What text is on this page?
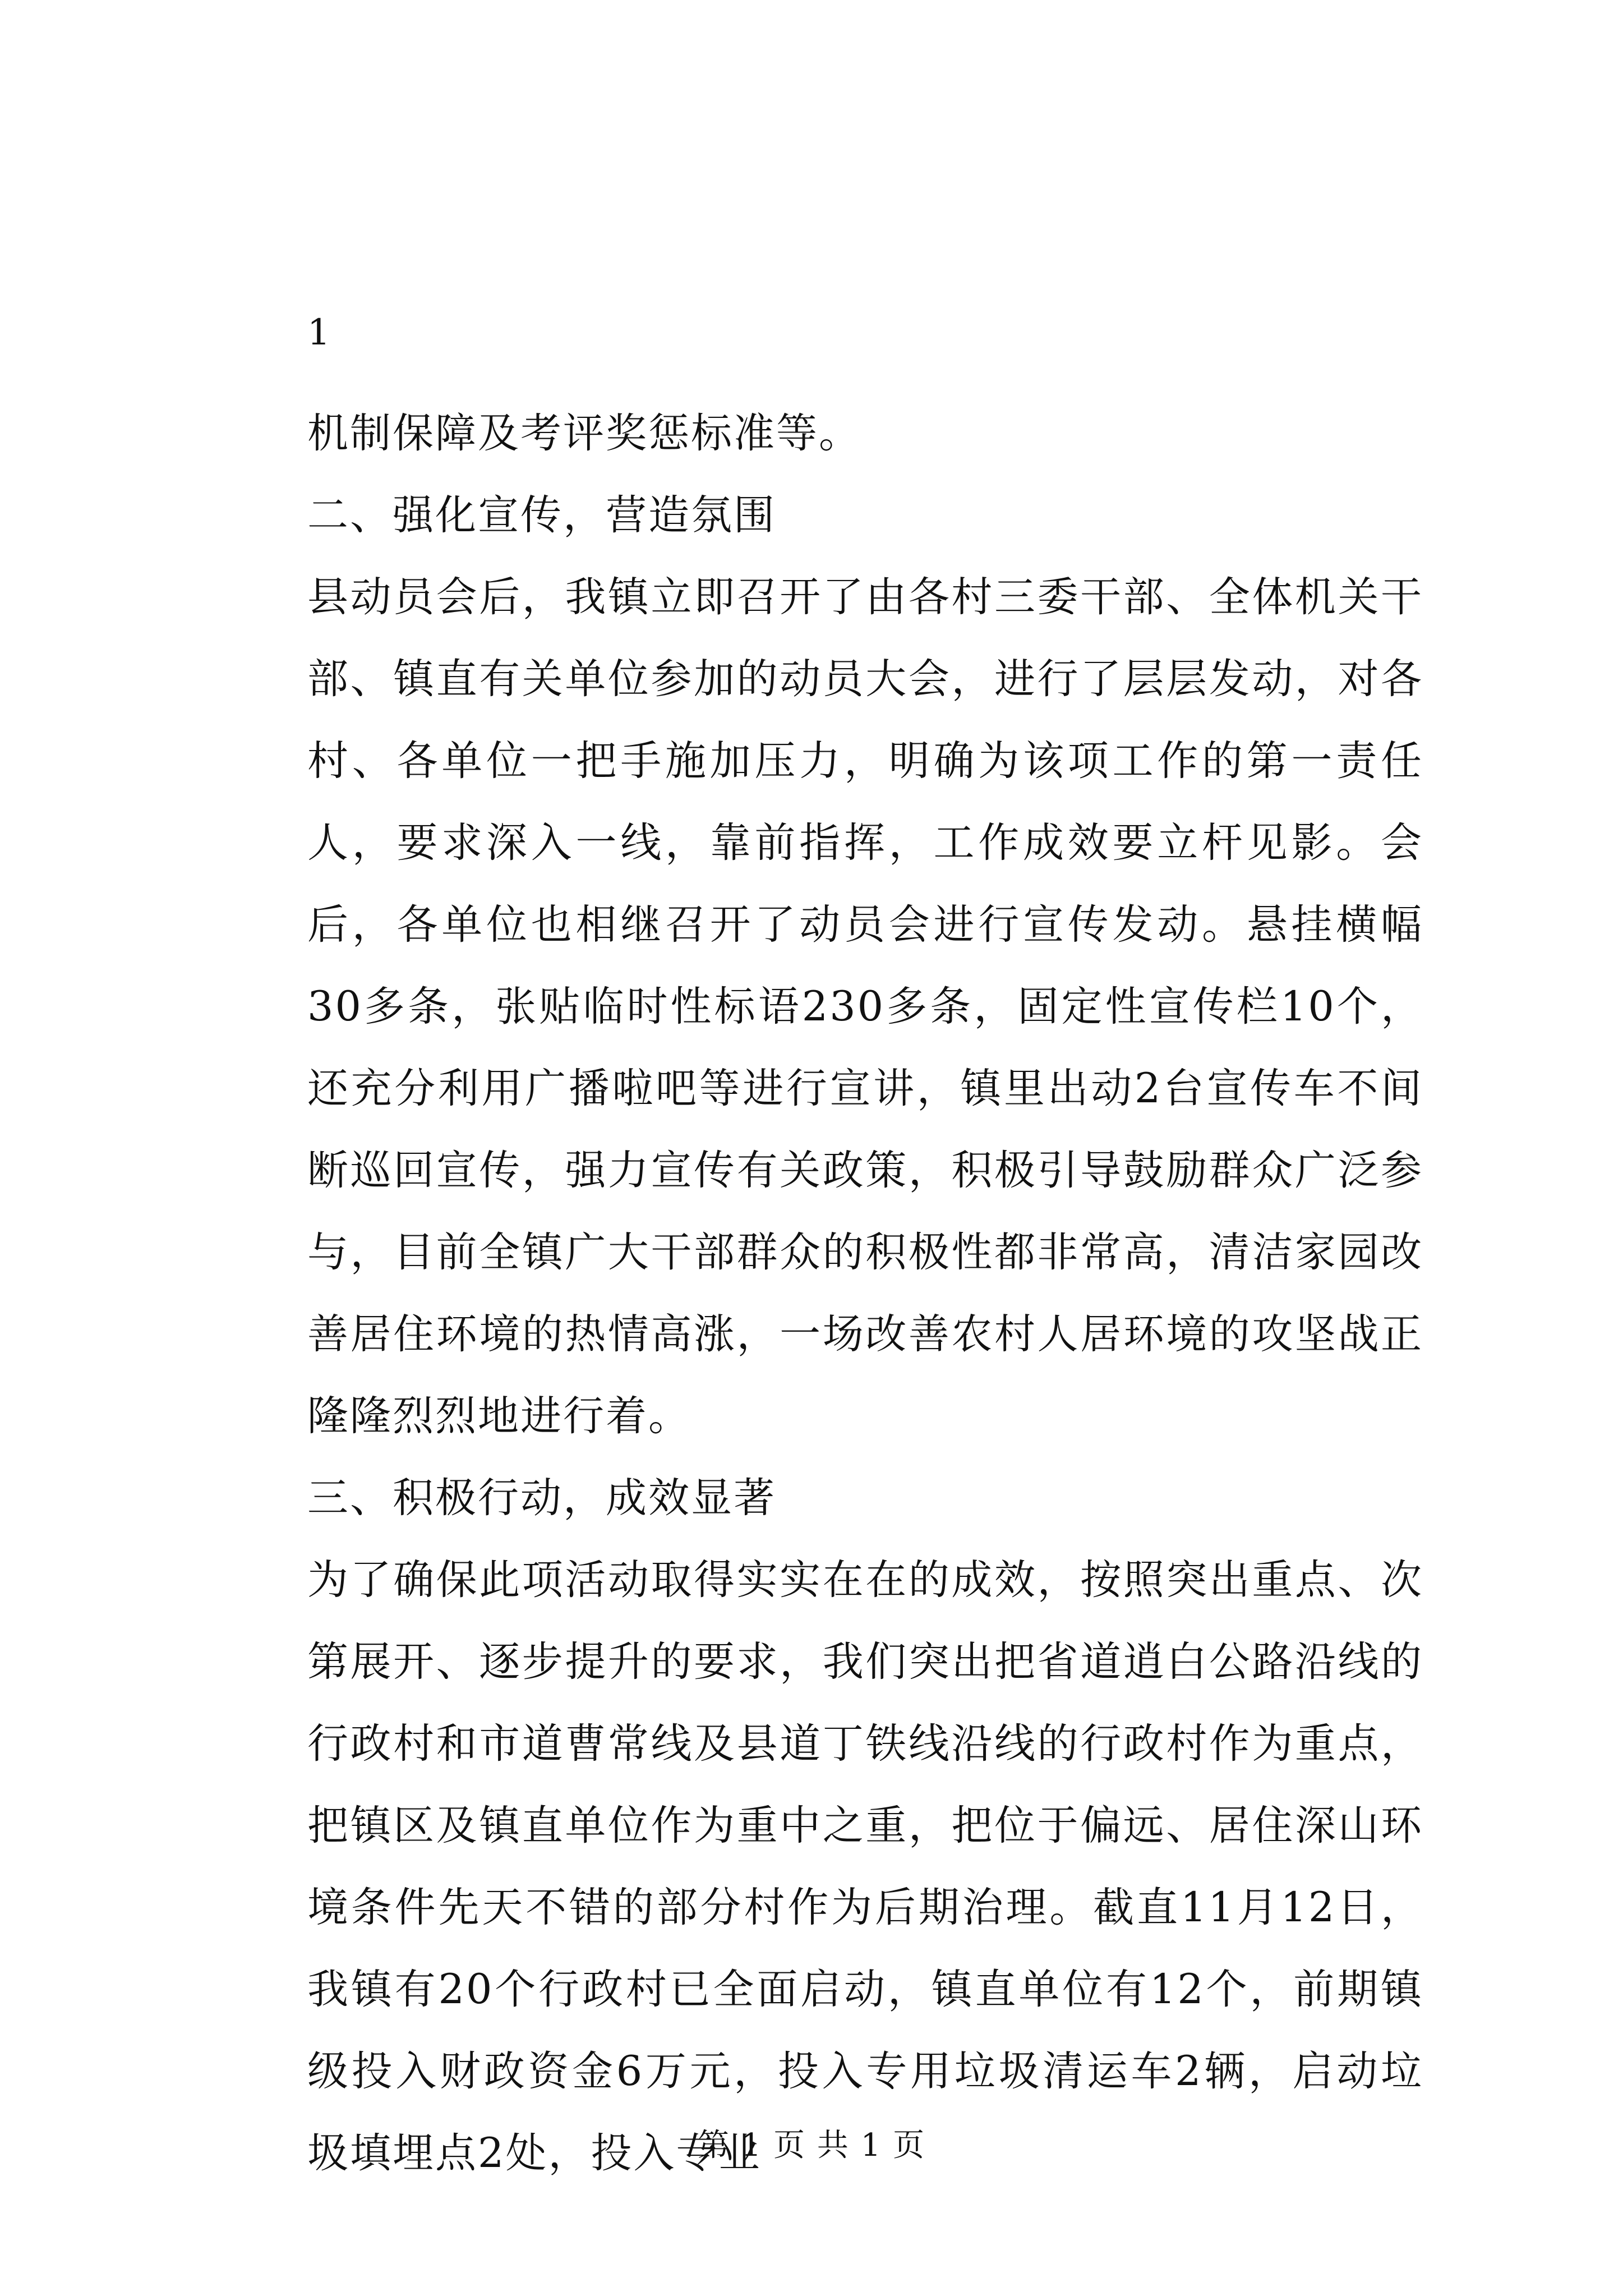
1

机制保障及考评奖惩标准等。

二、强化宣传，营造氛围

县动员会后，我镇立即召开了由各村三委干部、全体机关干部、镇直有关单位参加的动员大会，进行了层层发动，对各村、各单位一把手施加压力，明确为该项工作的第一责任人，要求深入一线，靠前指挥，工作成效要立杆见影。会后，各单位也相继召开了动员会进行宣传发动。悬挂横幅30多条，张贴临时性标语230多条，固定性宣传栏10个，还充分利用广播啦吧等进行宣讲，镇里出动2台宣传车不间断巡回宣传，强力宣传有关政策，积极引导鼓励群众广泛参与，目前全镇广大干部群众的积极性都非常高，清洁家园改善居住环境的热情高涨，一场改善农村人居环境的攻坚战正隆隆烈烈地进行着。

三、积极行动，成效显著

为了确保此项活动取得实实在在的成效，按照突出重点、次第展开、逐步提升的要求，我们突出把省道逍白公路沿线的行政村和市道曹常线及县道丁铁线沿线的行政村作为重点，把镇区及镇直单位作为重中之重，把位于偏远、居住深山环境条件先天不错的部分村作为后期治理。截直11月12日，我镇有20个行政村已全面启动，镇直单位有12个，前期镇级投入财政资金6万元，投入专用垃圾清运车2辆，启动垃圾填埋点2处，投入专业

第 1 页 共 1 页
